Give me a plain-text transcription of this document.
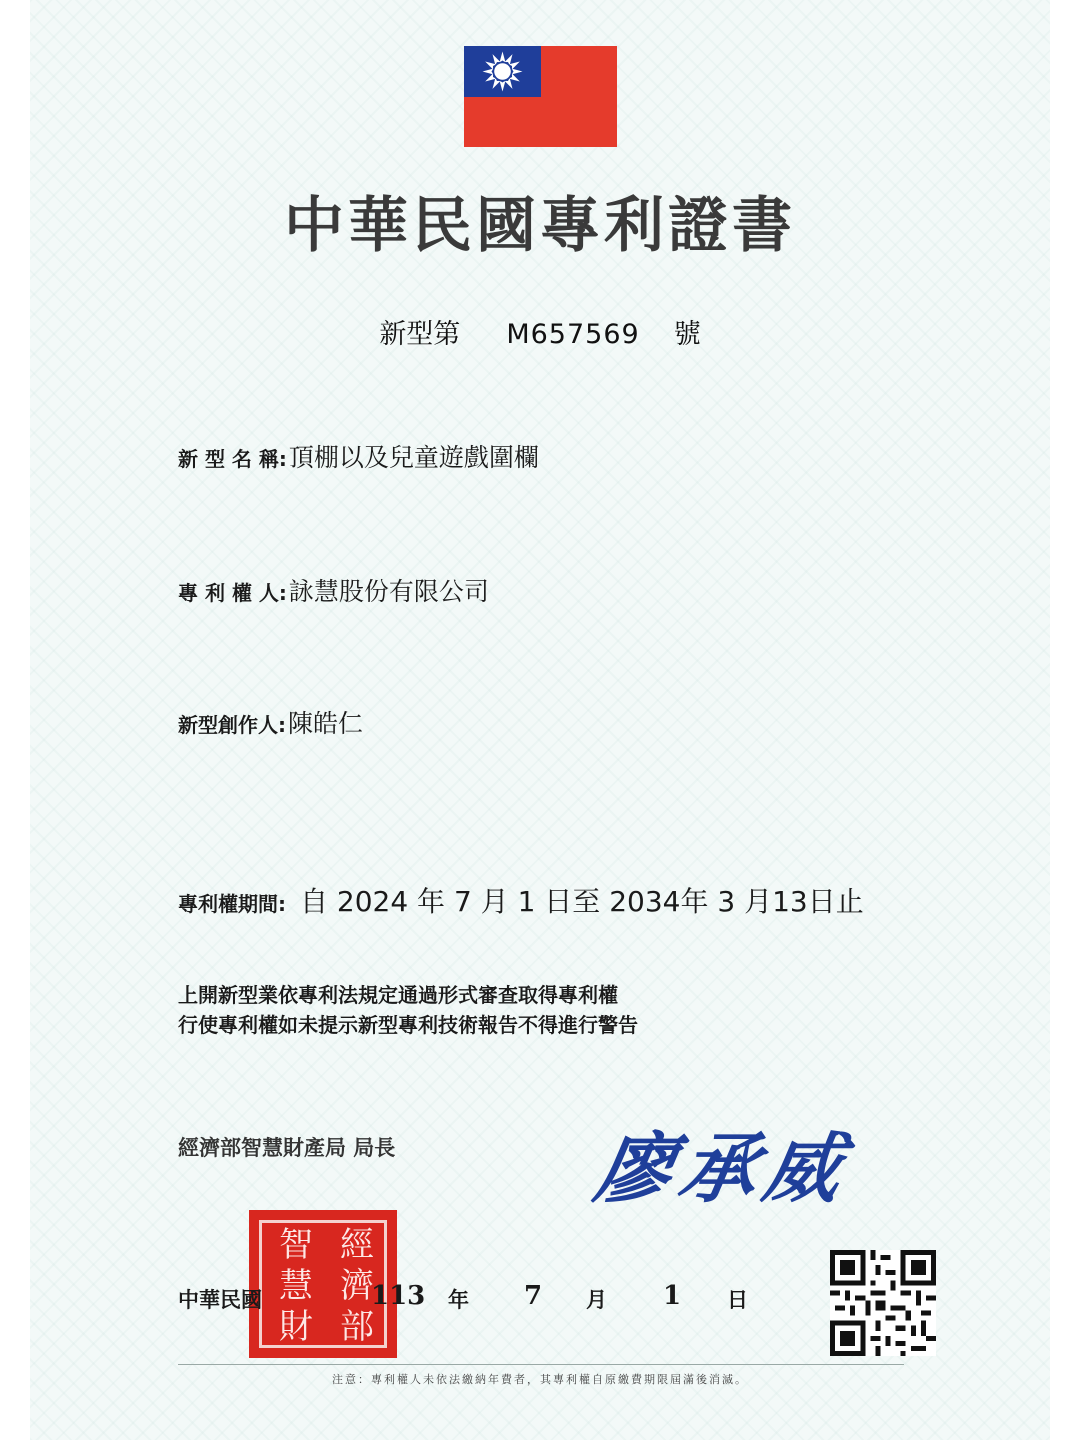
中華民國專利證書
新型第 M657569 號
新 型 名 稱:頂棚以及兒童遊戲圍欄
專 利 權 人:詠慧股份有限公司
新型創作人:陳皓仁
專利權期間: 自 2024 年 7 月 1 日至 2034年 3 月13日止
上開新型業依專利法規定通過形式審查取得專利權
行使專利權如未提示新型專利技術報告不得進行警告
經濟部智慧財產局 局長	廖承威
經
濟
部
智
慧
財
中華民國	113 年 7 月 1 日
注意：專利權人未依法繳納年費者，其專利權自原繳費期限屆滿後消滅。
